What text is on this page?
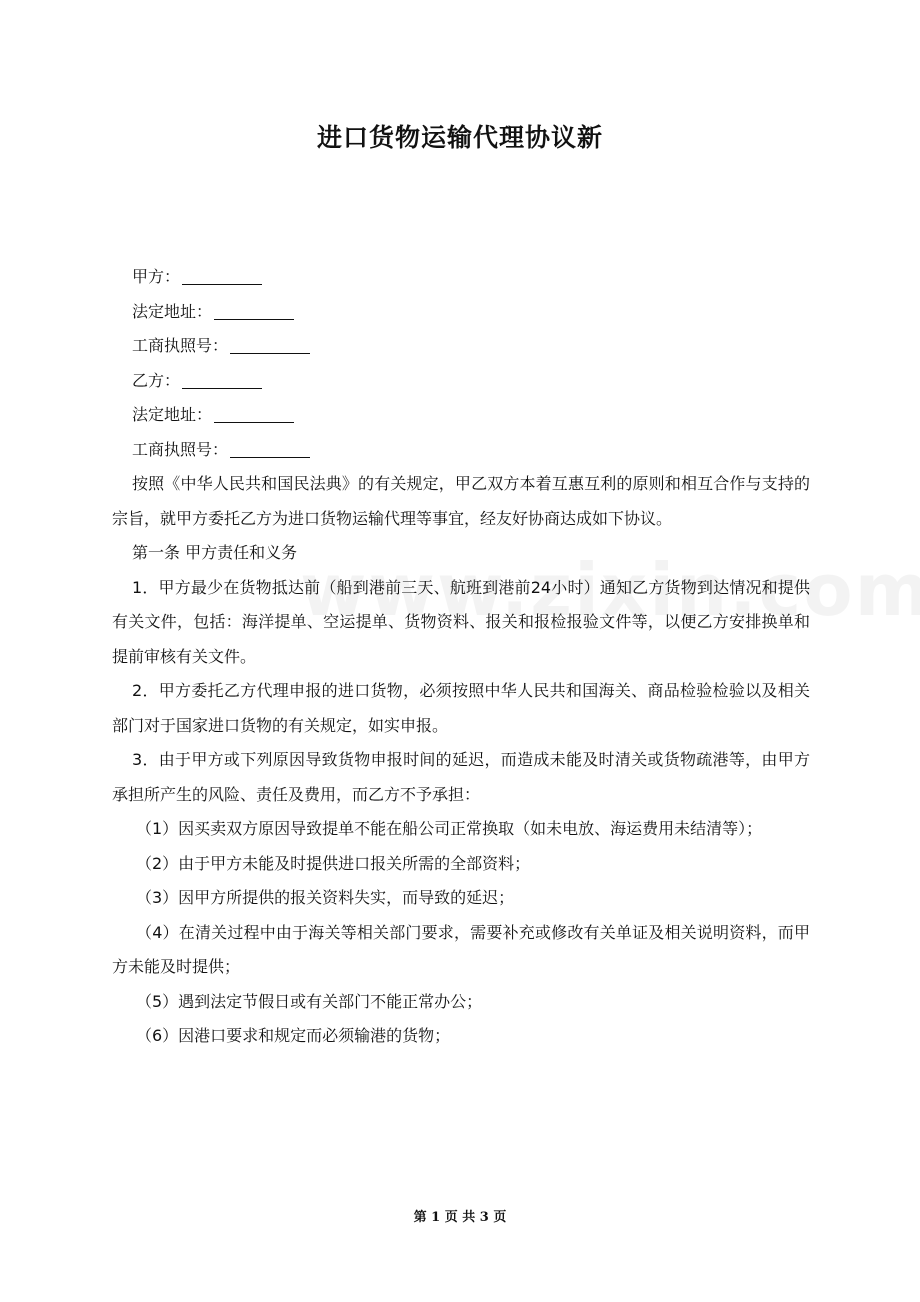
进口货物运输代理协议新

甲方：

法定地址：

工商执照号：

乙方：

法定地址：

工商执照号：

按照《中华人民共和国民法典》的有关规定，甲乙双方本着互惠互利的原则和相互合作与支持的宗旨，就甲方委托乙方为进口货物运输代理等事宜，经友好协商达成如下协议。

第一条 甲方责任和义务

1．甲方最少在货物抵达前（船到港前三天、航班到港前24小时）通知乙方货物到达情况和提供有关文件，包括：海洋提单、空运提单、货物资料、报关和报检报验文件等，以便乙方安排换单和提前审核有关文件。

2．甲方委托乙方代理申报的进口货物，必须按照中华人民共和国海关、商品检验检验以及相关部门对于国家进口货物的有关规定，如实申报。

3．由于甲方或下列原因导致货物申报时间的延迟，而造成未能及时清关或货物疏港等，由甲方承担所产生的风险、责任及费用，而乙方不予承担：

（1）因买卖双方原因导致提单不能在船公司正常换取（如未电放、海运费用未结清等）；

（2）由于甲方未能及时提供进口报关所需的全部资料；

（3）因甲方所提供的报关资料失实，而导致的延迟；

（4）在清关过程中由于海关等相关部门要求，需要补充或修改有关单证及相关说明资料，而甲方未能及时提供；

（5）遇到法定节假日或有关部门不能正常办公；

（6）因港口要求和规定而必须输港的货物；

第 1 页 共 3 页
